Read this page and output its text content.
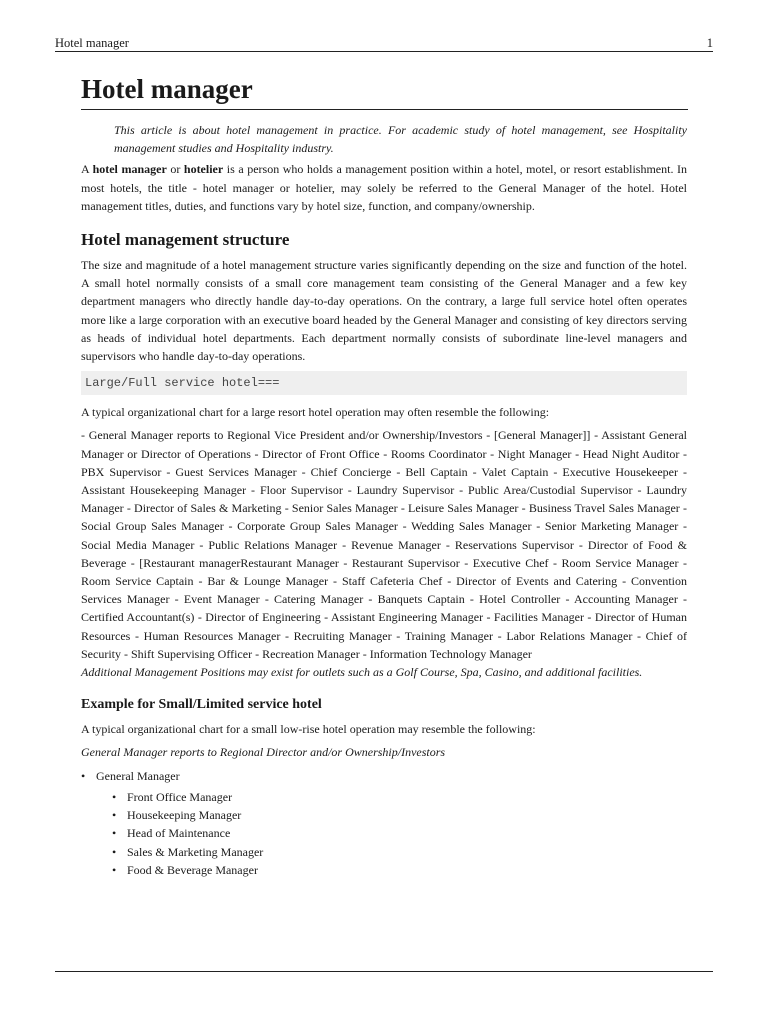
Hotel manager	1
Hotel manager

This article is about hotel management in practice. For academic study of hotel management, see Hospitality management studies and Hospitality industry.

A hotel manager or hotelier is a person who holds a management position within a hotel, motel, or resort establishment. In most hotels, the title - hotel manager or hotelier, may solely be referred to the General Manager of the hotel. Hotel management titles, duties, and functions vary by hotel size, function, and company/ownership.

Hotel management structure

The size and magnitude of a hotel management structure varies significantly depending on the size and function of the hotel. A small hotel normally consists of a small core management team consisting of the General Manager and a few key department managers who directly handle day-to-day operations. On the contrary, a large full service hotel often operates more like a large corporation with an executive board headed by the General Manager and consisting of key directors serving as heads of individual hotel departments. Each department normally consists of subordinate line-level managers and supervisors who handle day-to-day operations.

Large/Full service hotel===

A typical organizational chart for a large resort hotel operation may often resemble the following:

- General Manager reports to Regional Vice President and/or Ownership/Investors - [General Manager]] - Assistant General Manager or Director of Operations - Director of Front Office - Rooms Coordinator - Night Manager - Head Night Auditor - PBX Supervisor - Guest Services Manager - Chief Concierge - Bell Captain - Valet Captain - Executive Housekeeper - Assistant Housekeeping Manager - Floor Supervisor - Laundry Supervisor - Public Area/Custodial Supervisor - Laundry Manager - Director of Sales & Marketing - Senior Sales Manager - Leisure Sales Manager - Business Travel Sales Manager - Social Group Sales Manager - Corporate Group Sales Manager - Wedding Sales Manager - Senior Marketing Manager - Social Media Manager - Public Relations Manager - Revenue Manager - Reservations Supervisor - Director of Food & Beverage - [Restaurant managerRestaurant Manager - Restaurant Supervisor - Executive Chef - Room Service Manager - Room Service Captain - Bar & Lounge Manager - Staff Cafeteria Chef - Director of Events and Catering - Convention Services Manager - Event Manager - Catering Manager - Banquets Captain - Hotel Controller - Accounting Manager - Certified Accountant(s) - Director of Engineering - Assistant Engineering Manager - Facilities Manager - Director of Human Resources - Human Resources Manager - Recruiting Manager - Training Manager - Labor Relations Manager - Chief of Security - Shift Supervising Officer - Recreation Manager - Information Technology Manager

Additional Management Positions may exist for outlets such as a Golf Course, Spa, Casino, and additional facilities.

Example for Small/Limited service hotel

A typical organizational chart for a small low-rise hotel operation may resemble the following:

General Manager reports to Regional Director and/or Ownership/Investors

• General Manager
• Front Office Manager
• Housekeeping Manager
• Head of Maintenance
• Sales & Marketing Manager
• Food & Beverage Manager
